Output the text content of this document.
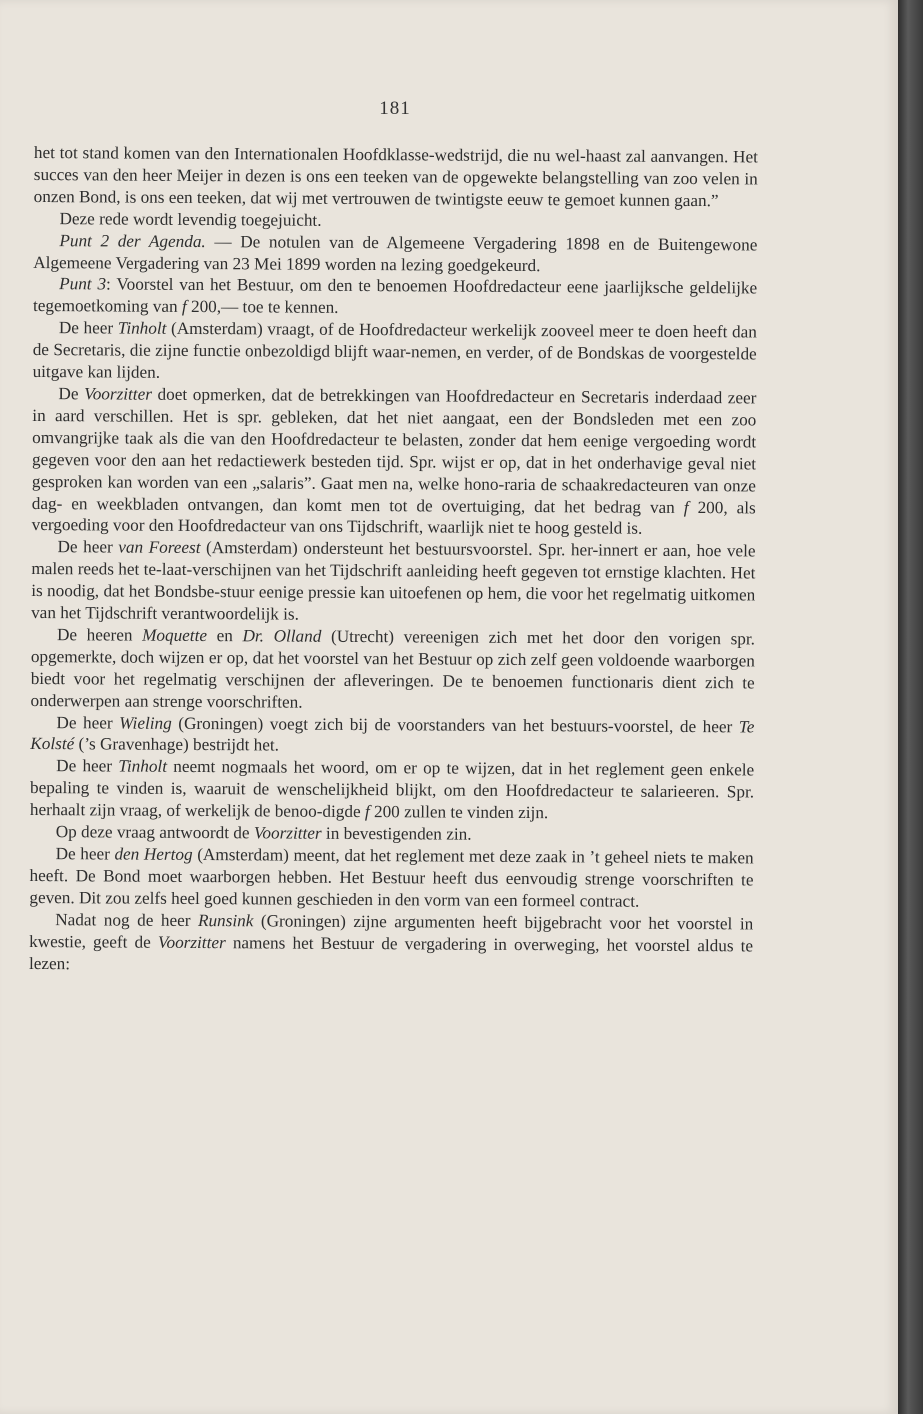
181

het tot stand komen van den Internationalen Hoofdklasse-wedstrijd, die nu wel-haast zal aanvangen. Het succes van den heer Meijer in dezen is ons een teeken van de opgewekte belangstelling van zoo velen in onzen Bond, is ons een teeken, dat wij met vertrouwen de twintigste eeuw te gemoet kunnen gaan.”

Deze rede wordt levendig toegejuicht.

Punt 2 der Agenda. — De notulen van de Algemeene Vergadering 1898 en de Buitengewone Algemeene Vergadering van 23 Mei 1899 worden na lezing goedgekeurd.

Punt 3: Voorstel van het Bestuur, om den te benoemen Hoofdredacteur eene jaarlijksche geldelijke tegemoetkoming van f 200,— toe te kennen.

De heer Tinholt (Amsterdam) vraagt, of de Hoofdredacteur werkelijk zooveel meer te doen heeft dan de Secretaris, die zijne functie onbezoldigd blijft waar-nemen, en verder, of de Bondskas de voorgestelde uitgave kan lijden.

De Voorzitter doet opmerken, dat de betrekkingen van Hoofdredacteur en Secretaris inderdaad zeer in aard verschillen. Het is spr. gebleken, dat het niet aangaat, een der Bondsleden met een zoo omvangrijke taak als die van den Hoofdredacteur te belasten, zonder dat hem eenige vergoeding wordt gegeven voor den aan het redactiewerk besteden tijd. Spr. wijst er op, dat in het onderhavige geval niet gesproken kan worden van een „salaris”. Gaat men na, welke hono-raria de schaakredacteuren van onze dag- en weekbladen ontvangen, dan komt men tot de overtuiging, dat het bedrag van f 200, als vergoeding voor den Hoofdredacteur van ons Tijdschrift, waarlijk niet te hoog gesteld is.

De heer van Foreest (Amsterdam) ondersteunt het bestuursvoorstel. Spr. her-innert er aan, hoe vele malen reeds het te-laat-verschijnen van het Tijdschrift aanleiding heeft gegeven tot ernstige klachten. Het is noodig, dat het Bondsbe-stuur eenige pressie kan uitoefenen op hem, die voor het regelmatig uitkomen van het Tijdschrift verantwoordelijk is.

De heeren Moquette en Dr. Olland (Utrecht) vereenigen zich met het door den vorigen spr. opgemerkte, doch wijzen er op, dat het voorstel van het Bestuur op zich zelf geen voldoende waarborgen biedt voor het regelmatig verschijnen der afleveringen. De te benoemen functionaris dient zich te onderwerpen aan strenge voorschriften.

De heer Wieling (Groningen) voegt zich bij de voorstanders van het bestuurs-voorstel, de heer Te Kolsté (’s Gravenhage) bestrijdt het.

De heer Tinholt neemt nogmaals het woord, om er op te wijzen, dat in het reglement geen enkele bepaling te vinden is, waaruit de wenschelijkheid blijkt, om den Hoofdredacteur te salarieeren. Spr. herhaalt zijn vraag, of werkelijk de benoo-digde f 200 zullen te vinden zijn.

Op deze vraag antwoordt de Voorzitter in bevestigenden zin.

De heer den Hertog (Amsterdam) meent, dat het reglement met deze zaak in ’t geheel niets te maken heeft. De Bond moet waarborgen hebben. Het Bestuur heeft dus eenvoudig strenge voorschriften te geven. Dit zou zelfs heel goed kunnen geschieden in den vorm van een formeel contract.

Nadat nog de heer Runsink (Groningen) zijne argumenten heeft bijgebracht voor het voorstel in kwestie, geeft de Voorzitter namens het Bestuur de vergadering in overweging, het voorstel aldus te lezen:
